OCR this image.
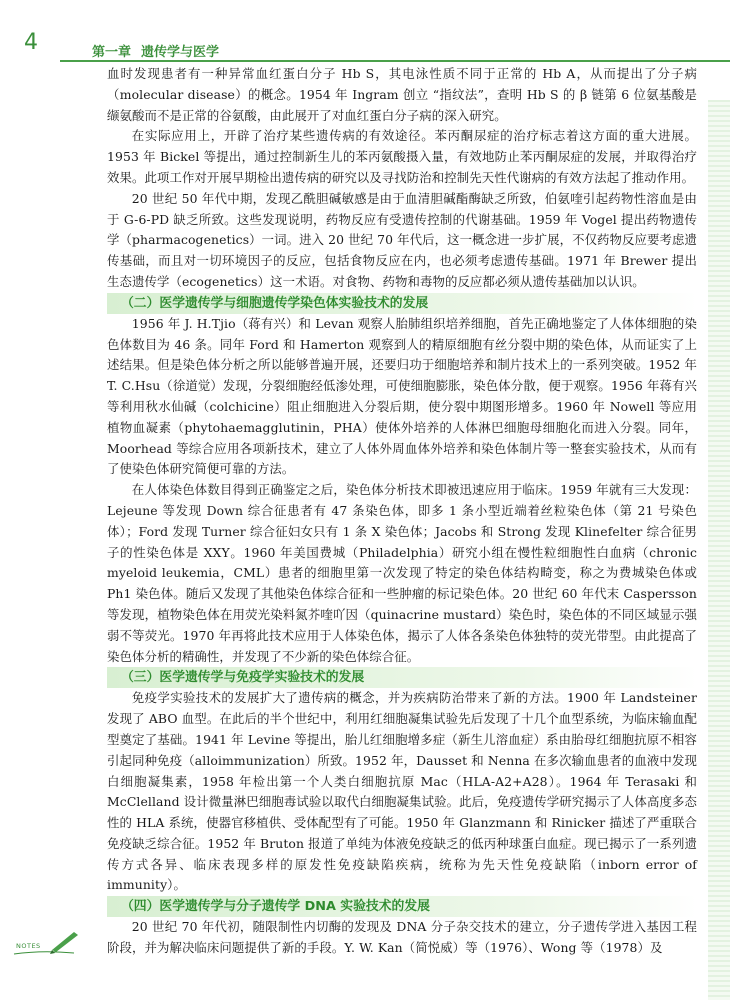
4	第一章 遗传学与医学

血时发现患者有一种异常血红蛋白分子 Hb S，其电泳性质不同于正常的 Hb A，从而提出了分子病（molecular disease）的概念。1954 年 Ingram 创立 “指纹法”，查明 Hb S 的 β 链第 6 位氨基酸是缬氨酸而不是正常的谷氨酸，由此展开了对血红蛋白分子病的深入研究。

在实际应用上，开辟了治疗某些遗传病的有效途径。苯丙酮尿症的治疗标志着这方面的重大进展。1953 年 Bickel 等提出，通过控制新生儿的苯丙氨酸摄入量，有效地防止苯丙酮尿症的发展，并取得治疗效果。此项工作对开展早期检出遗传病的研究以及寻找防治和控制先天性代谢病的有效方法起了推动作用。

20 世纪 50 年代中期，发现乙酰胆碱敏感是由于血清胆碱酯酶缺乏所致，伯氨喹引起药物性溶血是由于 G-6-PD 缺乏所致。这些发现说明，药物反应有受遗传控制的代谢基础。1959 年 Vogel 提出药物遗传学（pharmacogenetics）一词。进入 20 世纪 70 年代后，这一概念进一步扩展，不仅药物反应要考虑遗传基础，而且对一切环境因子的反应，包括食物反应在内，也必须考虑遗传基础。1971 年 Brewer 提出生态遗传学（ecogenetics）这一术语。对食物、药物和毒物的反应都必须从遗传基础加以认识。

（二）医学遗传学与细胞遗传学染色体实验技术的发展

1956 年 J. H.Tjio（蒋有兴）和 Levan 观察人胎肺组织培养细胞，首先正确地鉴定了人体体细胞的染色体数目为 46 条。同年 Ford 和 Hamerton 观察到人的精原细胞有丝分裂中期的染色体，从而证实了上述结果。但是染色体分析之所以能够普遍开展，还要归功于细胞培养和制片技术上的一系列突破。1952 年 T. C.Hsu（徐道觉）发现，分裂细胞经低渗处理，可使细胞膨胀，染色体分散，便于观察。1956 年蒋有兴等利用秋水仙碱（colchicine）阻止细胞进入分裂后期，使分裂中期图形增多。1960 年 Nowell 等应用植物血凝素（phytohaemagglutinin，PHA）使体外培养的人体淋巴细胞母细胞化而进入分裂。同年，Moorhead 等综合应用各项新技术，建立了人体外周血体外培养和染色体制片等一整套实验技术，从而有了使染色体研究简便可靠的方法。

在人体染色体数目得到正确鉴定之后，染色体分析技术即被迅速应用于临床。1959 年就有三大发现：Lejeune 等发现 Down 综合征患者有 47 条染色体，即多 1 条小型近端着丝粒染色体（第 21 号染色体）；Ford 发现 Turner 综合征妇女只有 1 条 X 染色体；Jacobs 和 Strong 发现 Klinefelter 综合征男子的性染色体是 XXY。1960 年美国费城（Philadelphia）研究小组在慢性粒细胞性白血病（chronic myeloid leukemia，CML）患者的细胞里第一次发现了特定的染色体结构畸变，称之为费城染色体或 Ph1 染色体。随后又发现了其他染色体综合征和一些肿瘤的标记染色体。20 世纪 60 年代末 Caspersson 等发现，植物染色体在用荧光染料氮芥喹吖因（quinacrine mustard）染色时，染色体的不同区域显示强弱不等荧光。1970 年再将此技术应用于人体染色体，揭示了人体各条染色体独特的荧光带型。由此提高了染色体分析的精确性，并发现了不少新的染色体综合征。

（三）医学遗传学与免疫学实验技术的发展

免疫学实验技术的发展扩大了遗传病的概念，并为疾病防治带来了新的方法。1900 年 Landsteiner 发现了 ABO 血型。在此后的半个世纪中，利用红细胞凝集试验先后发现了十几个血型系统，为临床输血配型奠定了基础。1941 年 Levine 等提出，胎儿红细胞增多症（新生儿溶血症）系由胎母红细胞抗原不相容引起同种免疫（alloimmunization）所致。1952 年，Dausset 和 Nenna 在多次输血患者的血液中发现白细胞凝集素，1958 年检出第一个人类白细胞抗原 Mac（HLA-A2+A28）。1964 年 Terasaki 和 McClelland 设计微量淋巴细胞毒试验以取代白细胞凝集试验。此后，免疫遗传学研究揭示了人体高度多态性的 HLA 系统，使器官移植供、受体配型有了可能。1950 年 Glanzmann 和 Rinicker 描述了严重联合免疫缺乏综合征。1952 年 Bruton 报道了单纯为体液免疫缺乏的低丙种球蛋白血症。现已揭示了一系列遗传方式各异、临床表现多样的原发性免疫缺陷疾病，统称为先天性免疫缺陷（inborn error of immunity）。

（四）医学遗传学与分子遗传学 DNA 实验技术的发展

20 世纪 70 年代初，随限制性内切酶的发现及 DNA 分子杂交技术的建立，分子遗传学进入基因工程阶段，并为解决临床问题提供了新的手段。Y. W. Kan（简悦威）等（1976）、Wong 等（1978）及

NOTES
